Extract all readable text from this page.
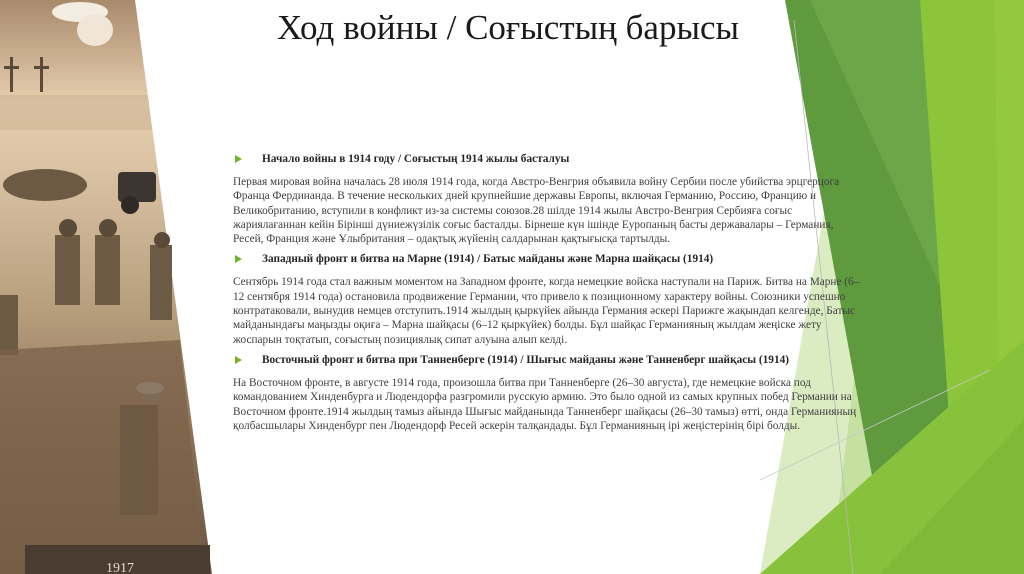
1917
Ход войны / Соғыстың барысы
Начало войны в 1914 году / Соғыстың 1914 жылы басталуы
Первая мировая война началась 28 июля 1914 года, когда Австро-Венгрия объявила войну Сербии после убийства эрцгерцога
Франца Фердинанда. В течение нескольких дней крупнейшие державы Европы, включая Германию, Россию, Францию и
Великобританию, вступили в конфликт из-за системы союзов.28 шілде 1914 жылы Австро-Венгрия Сербияға соғыс
жариялағаннан кейін Бірінші дүниежүзілік соғыс басталды. Бірнеше күн ішінде Еуропаның басты державалары – Германия,
Ресей, Франция және Ұлыбритания – одақтық жүйенің салдарынан қақтығысқа тартылды.
Западный фронт и битва на Марне (1914) / Батыс майданы және Марна шайқасы (1914)
Сентябрь 1914 года стал важным моментом на Западном фронте, когда немецкие войска наступали на Париж. Битва на Марне (6–
12 сентября 1914 года) остановила продвижение Германии, что привело к позиционному характеру войны. Союзники успешно
контратаковали, вынудив немцев отступить.1914 жылдың қыркүйек айында Германия әскері Парижге жақындап келгенде, Батыс
майданындағы маңызды оқиға – Марна шайқасы (6–12 қыркүйек) болды. Бұл шайқас Германияның жылдам жеңіске жету
жоспарын тоқтатып, соғыстың позициялық сипат алуына алып келді.
Восточный фронт и битва при Танненберге (1914) / Шығыс майданы және Танненберг шайқасы (1914)
На Восточном фронте, в августе 1914 года, произошла битва при Танненберге (26–30 августа), где немецкие войска под
командованием Хинденбурга и Людендорфа разгромили русскую армию. Это было одной из самых крупных побед Германии на
Восточном фронте.1914 жылдың тамыз айында Шығыс майданында Танненберг шайқасы (26–30 тамыз) өтті, онда Германияның
қолбасшылары Хинденбург пен Людендорф Ресей әскерін талқандады. Бұл Германияның ірі жеңістерінің бірі болды.
